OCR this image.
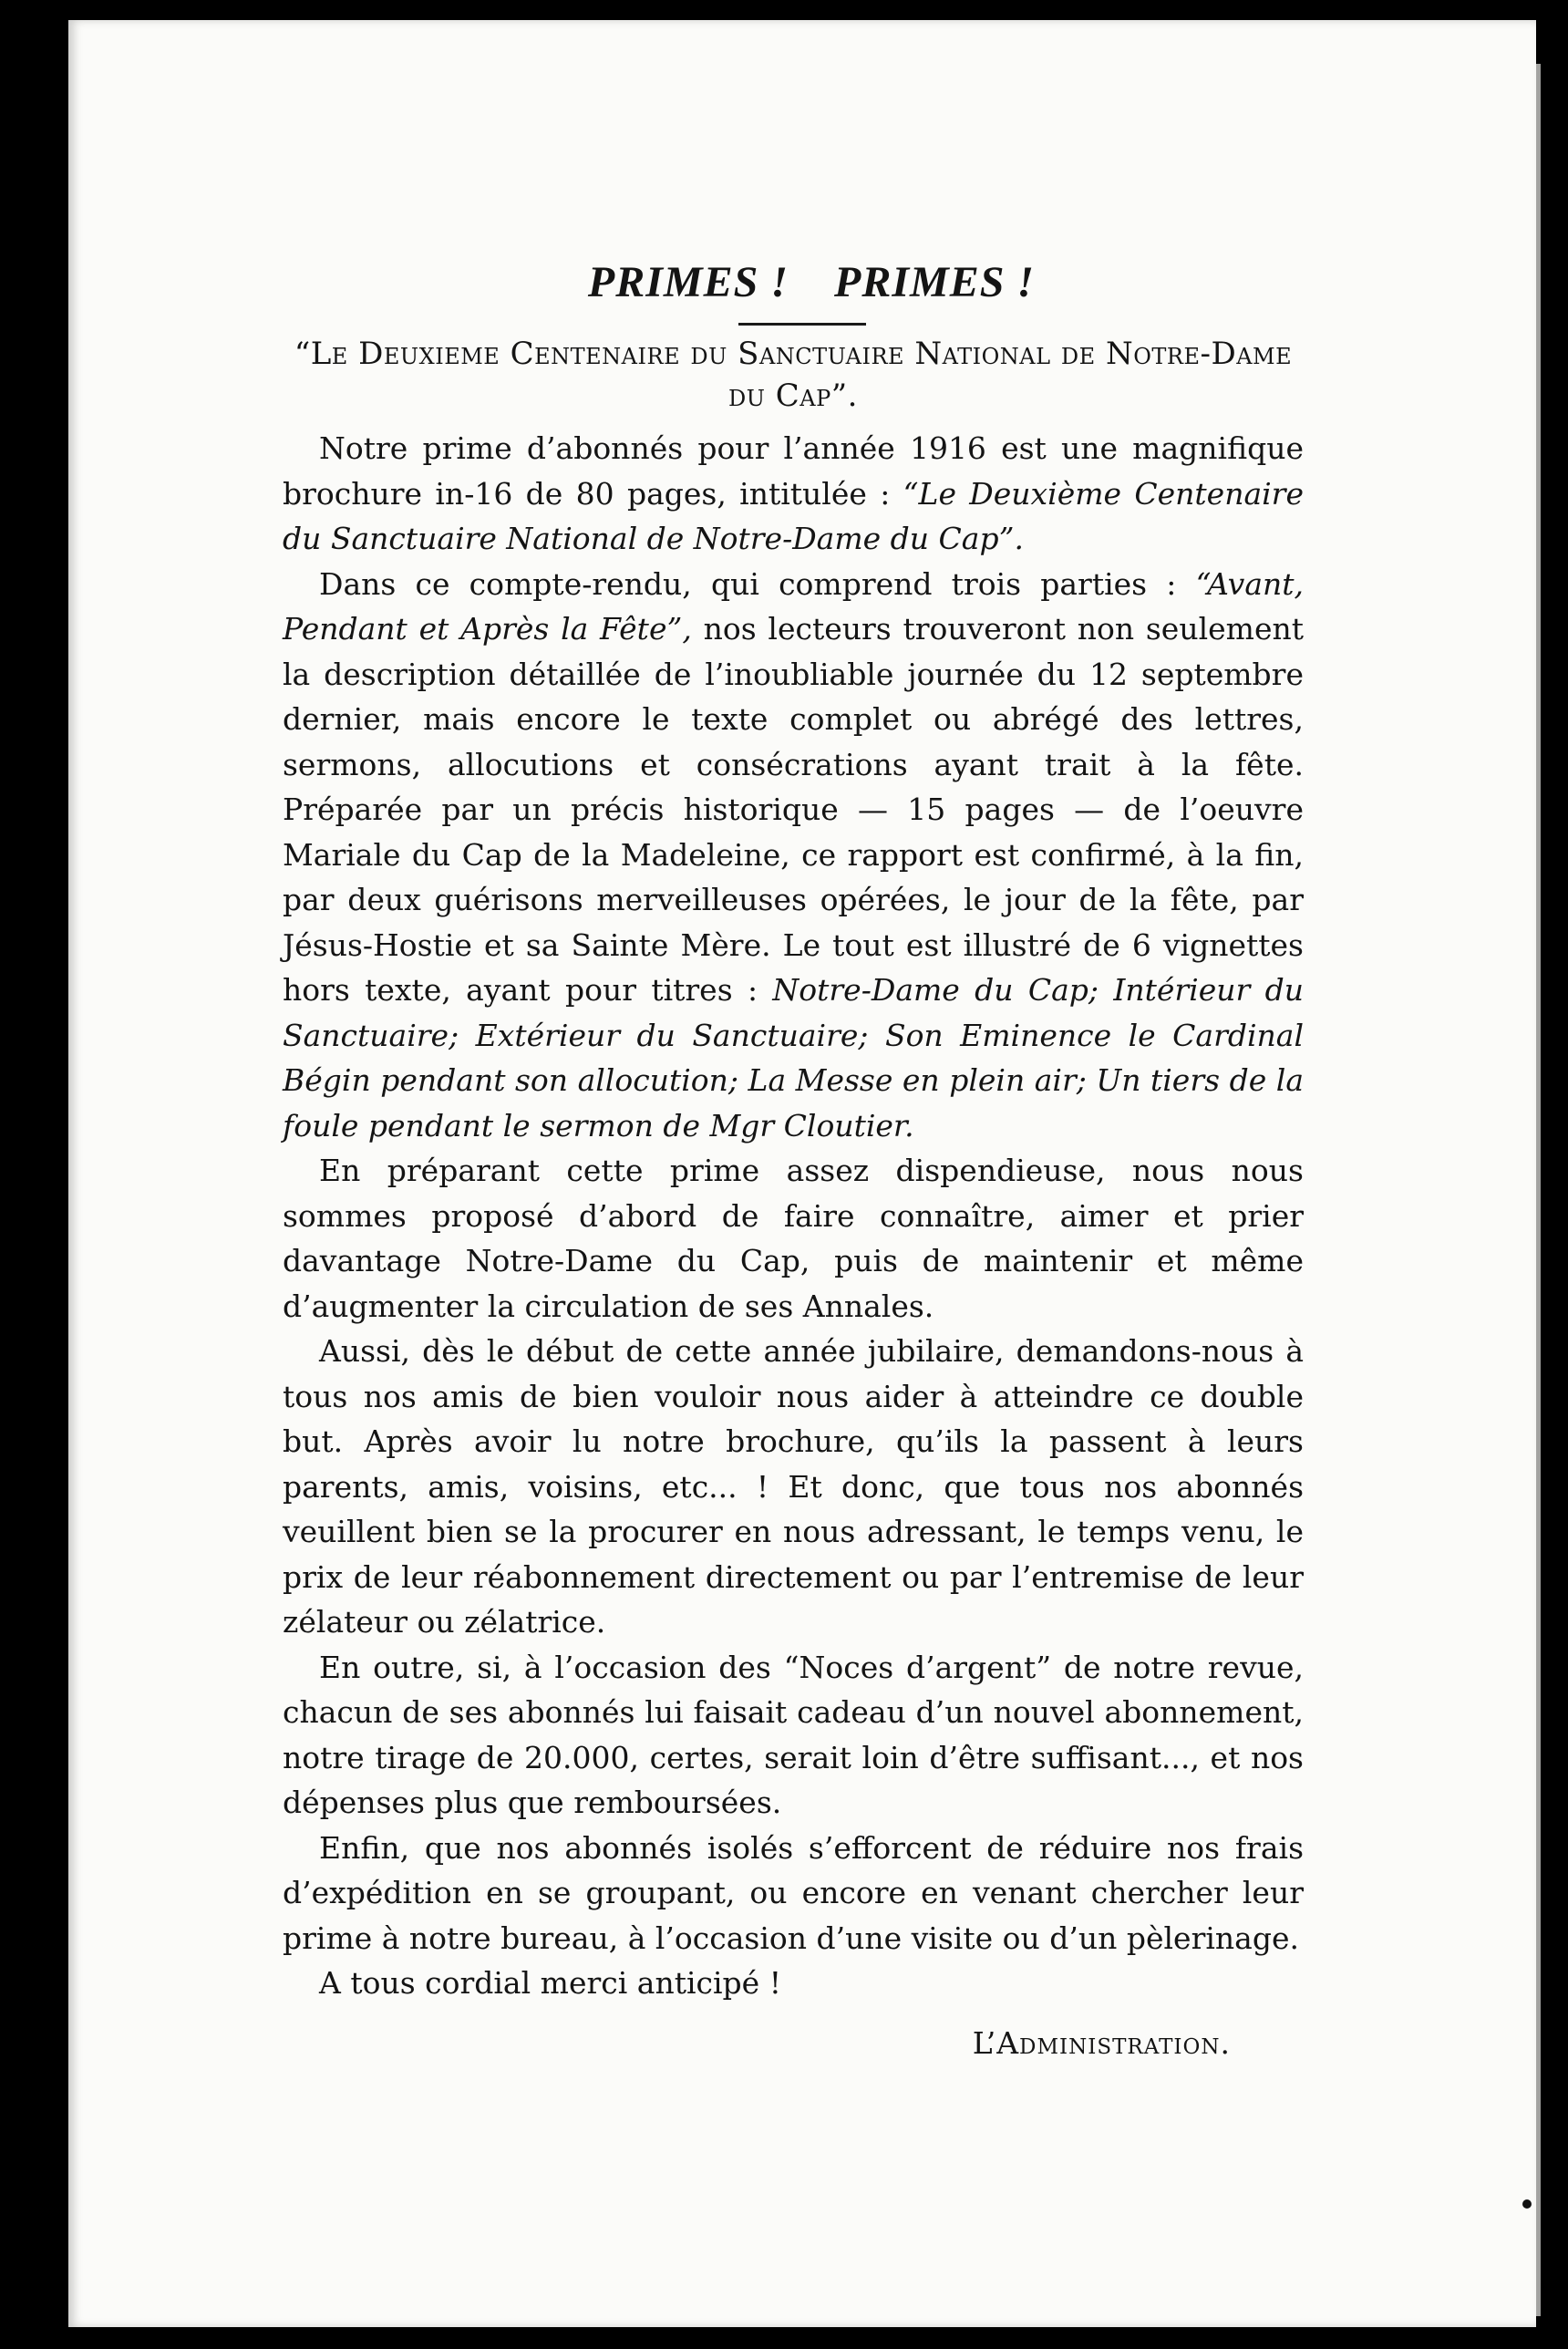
PRIMES ! PRIMES !
“Le Deuxieme Centenaire du Sanctuaire National de Notre-Dame du Cap”.

Notre prime d’abonnés pour l’année 1916 est une magnifique brochure in-16 de 80 pages, intitulée : “Le Deuxième Centenaire du Sanctuaire National de Notre-Dame du Cap”.

Dans ce compte-rendu, qui comprend trois parties : “Avant, Pendant et Après la Fête”, nos lecteurs trouveront non seulement la description détaillée de l’inoubliable journée du 12 septembre dernier, mais encore le texte complet ou abrégé des lettres, sermons, allocutions et consécrations ayant trait à la fête. Préparée par un précis historique — 15 pages — de l’oeuvre Mariale du Cap de la Madeleine, ce rapport est confirmé, à la fin, par deux guérisons merveilleuses opérées, le jour de la fête, par Jésus-Hostie et sa Sainte Mère. Le tout est illustré de 6 vignettes hors texte, ayant pour titres : Notre-Dame du Cap; Intérieur du Sanctuaire; Extérieur du Sanctuaire; Son Eminence le Cardinal Bégin pendant son allocution; La Messe en plein air; Un tiers de la foule pendant le sermon de Mgr Cloutier.

En préparant cette prime assez dispendieuse, nous nous sommes proposé d’abord de faire connaître, aimer et prier davantage Notre-Dame du Cap, puis de maintenir et même d’augmenter la circulation de ses Annales.

Aussi, dès le début de cette année jubilaire, demandons-nous à tous nos amis de bien vouloir nous aider à atteindre ce double but. Après avoir lu notre brochure, qu’ils la passent à leurs parents, amis, voisins, etc... ! Et donc, que tous nos abonnés veuillent bien se la procurer en nous adressant, le temps venu, le prix de leur réabonnement directement ou par l’entremise de leur zélateur ou zélatrice.

En outre, si, à l’occasion des “Noces d’argent” de notre revue, chacun de ses abonnés lui faisait cadeau d’un nouvel abonnement, notre tirage de 20.000, certes, serait loin d’être suffisant..., et nos dépenses plus que remboursées.

Enfin, que nos abonnés isolés s’efforcent de réduire nos frais d’expédition en se groupant, ou encore en venant chercher leur prime à notre bureau, à l’occasion d’une visite ou d’un pèlerinage.

A tous cordial merci anticipé !

L’Administration.
